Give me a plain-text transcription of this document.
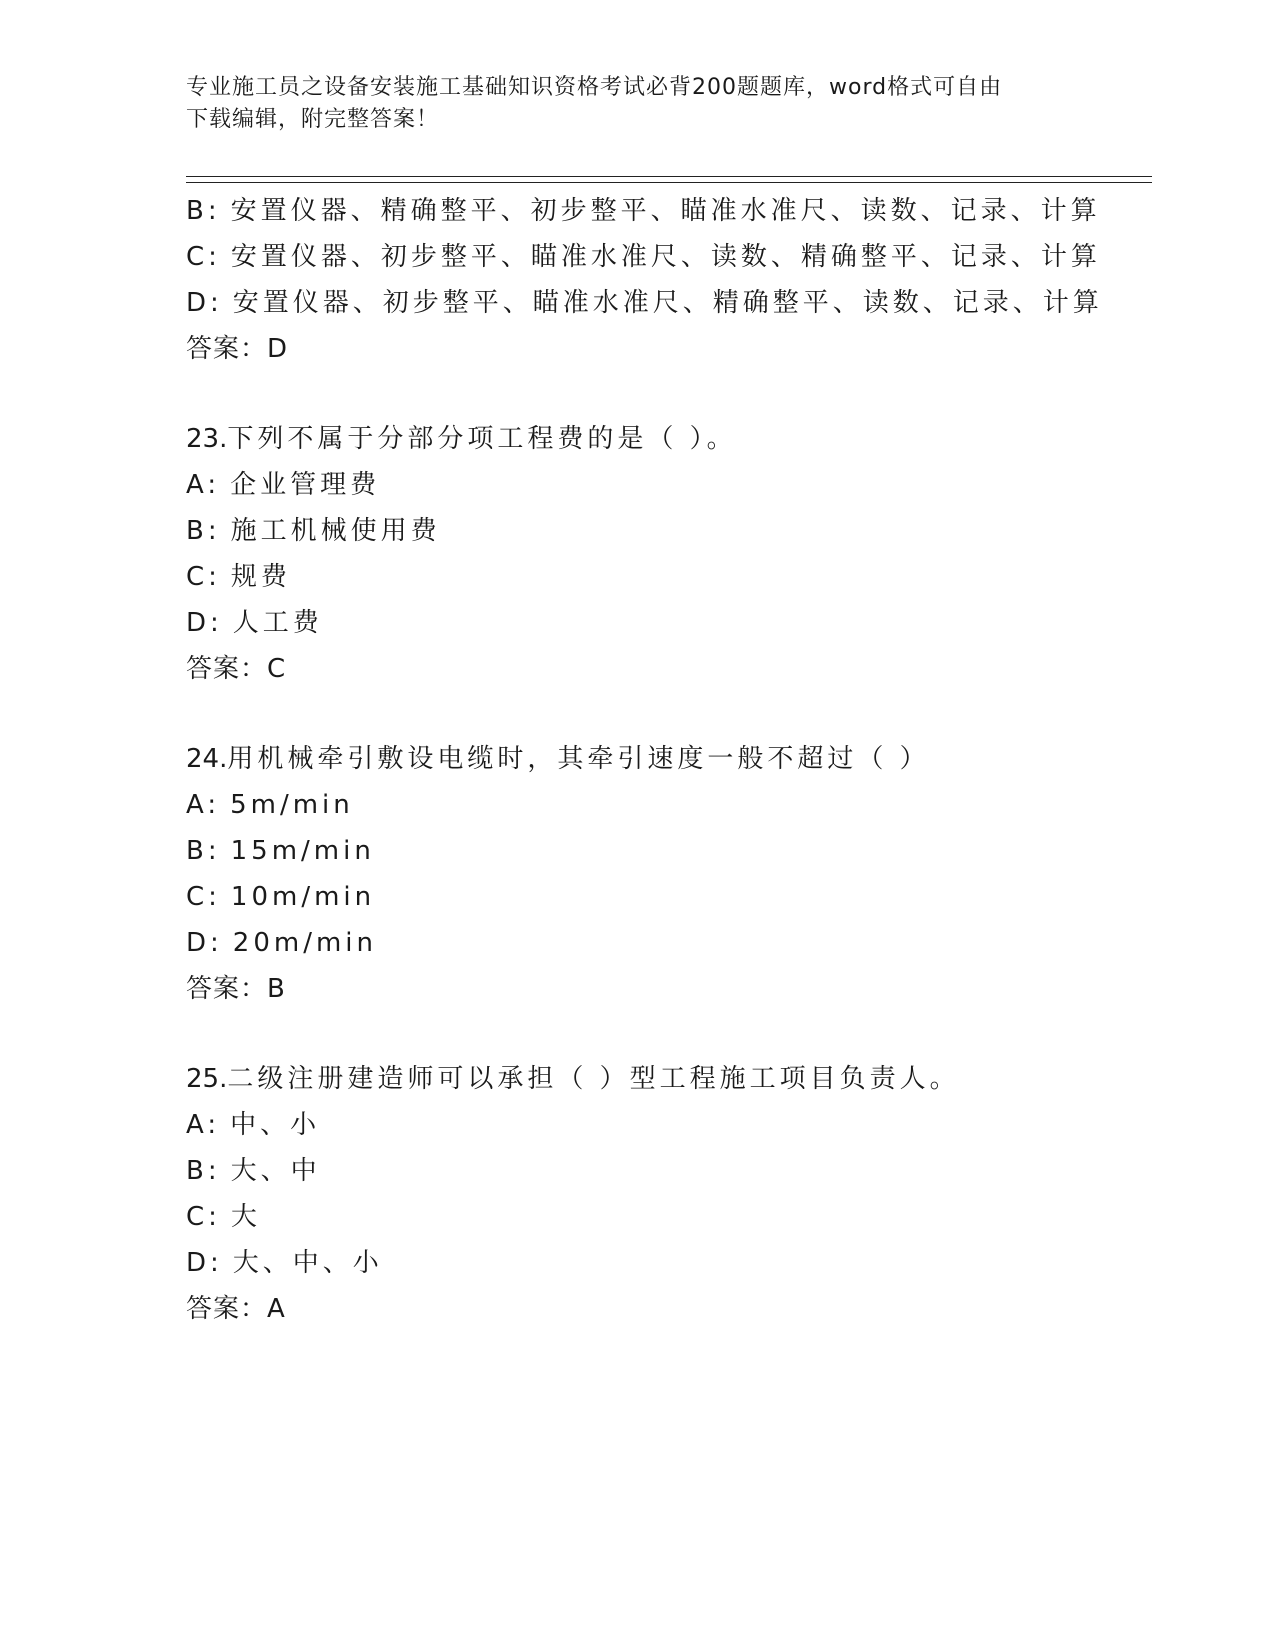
专业施工员之设备安装施工基础知识资格考试必背200题题库，word格式可自由
下载编辑，附完整答案！
B: 安置仪器、精确整平、初步整平、瞄准水准尺、读数、记录、计算
C: 安置仪器、初步整平、瞄准水准尺、读数、精确整平、记录、计算
D: 安置仪器、初步整平、瞄准水准尺、精确整平、读数、记录、计算
答案：D
23.下列不属于分部分项工程费的是（ ）。
A: 企业管理费
B: 施工机械使用费
C: 规费
D: 人工费
答案：C
24.用机械牵引敷设电缆时，其牵引速度一般不超过（ ）
A: 5m/min
B: 15m/min
C: 10m/min
D: 20m/min
答案：B
25.二级注册建造师可以承担（ ）型工程施工项目负责人。
A: 中、小
B: 大、中
C: 大
D: 大、中、小
答案：A
